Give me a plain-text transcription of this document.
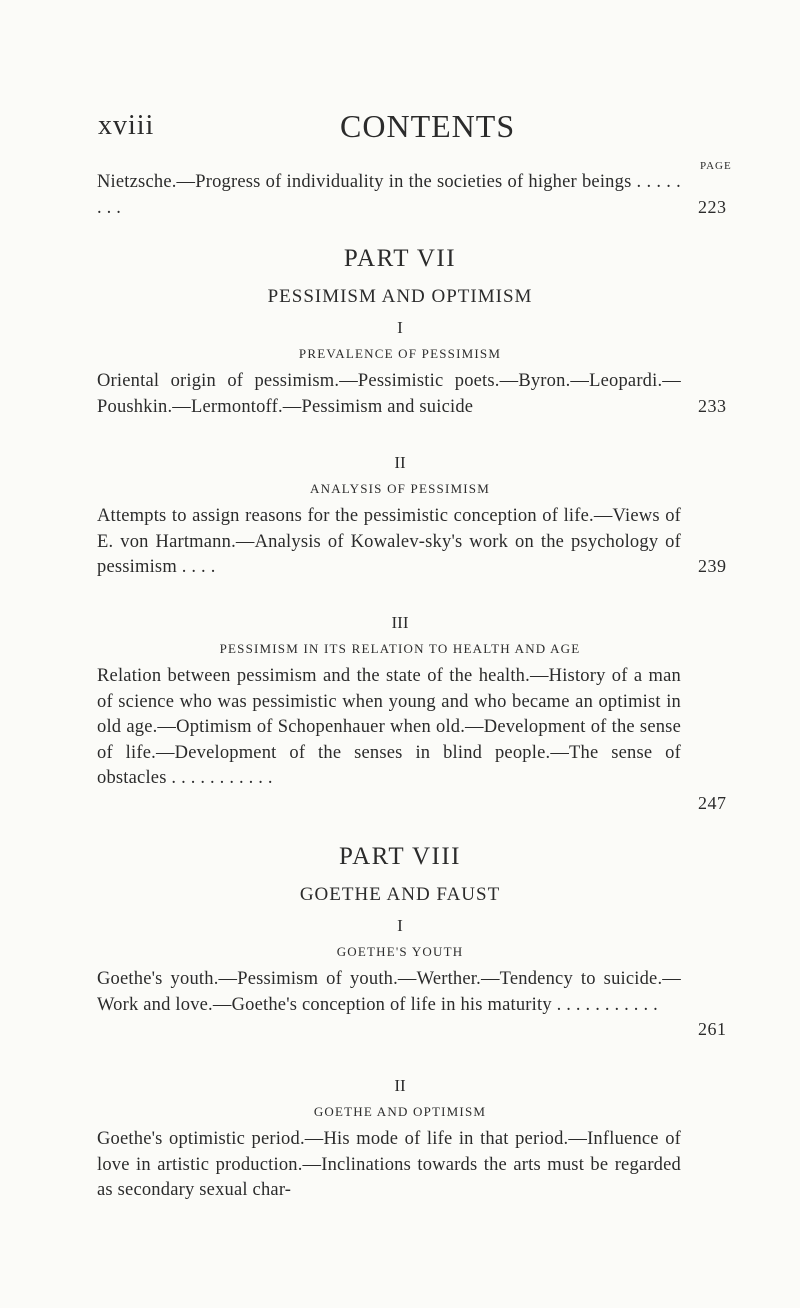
xviii	CONTENTS
PAGE
Nietzsche.—Progress of individuality in the societies of higher beings . . . . . . . .	223
PART VII
PESSIMISM AND OPTIMISM
I
PREVALENCE OF PESSIMISM
Oriental origin of pessimism.—Pessimistic poets.—Byron.—Leopardi.—Poushkin.—Lermontoff.—Pessimism and suicide	233
II
ANALYSIS OF PESSIMISM
Attempts to assign reasons for the pessimistic conception of life.—Views of E. von Hartmann.—Analysis of Kowalev-sky's work on the psychology of pessimism . . . .	239
III
PESSIMISM IN ITS RELATION TO HEALTH AND AGE
Relation between pessimism and the state of the health.—History of a man of science who was pessimistic when young and who became an optimist in old age.—Optimism of Schopenhauer when old.—Development of the sense of life.—Development of the senses in blind people.—The sense of obstacles . . . . . . . . . . .
247
PART VIII
GOETHE AND FAUST
I
GOETHE'S YOUTH
Goethe's youth.—Pessimism of youth.—Werther.—Tendency to suicide.—Work and love.—Goethe's conception of life in his maturity . . . . . . . . . . .
261
II
GOETHE AND OPTIMISM
Goethe's optimistic period.—His mode of life in that period.—Influence of love in artistic production.—Inclinations towards the arts must be regarded as secondary sexual char-
